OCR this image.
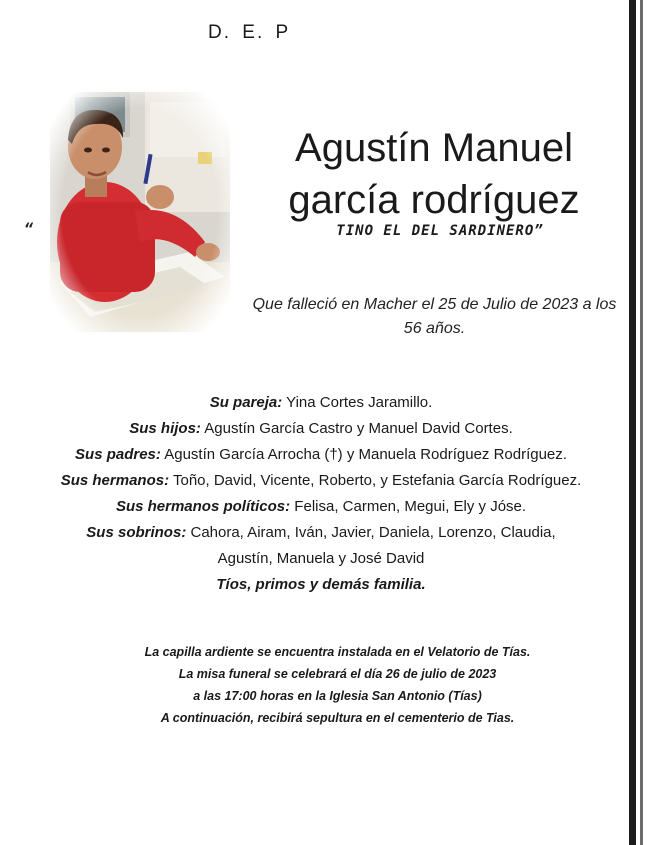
D. E. P
“
Agustín Manuel
garcía rodríguez
TINO EL DEL SARDINERO”
Que falleció en Macher el 25 de Julio de 2023 a los 56 años.
Su pareja: Yina Cortes Jaramillo.
Sus hijos: Agustín García Castro y Manuel David Cortes.
Sus padres: Agustín García Arrocha (†) y Manuela Rodríguez Rodríguez.
Sus hermanos: Toño, David, Vicente, Roberto, y Estefania García Rodríguez.
Sus hermanos políticos: Felisa, Carmen, Megui, Ely y Jóse.
Sus sobrinos: Cahora, Airam, Iván, Javier, Daniela, Lorenzo, Claudia,
Agustín, Manuela y José David
Tíos, primos y demás familia.
La capilla ardiente se encuentra instalada en el Velatorio de Tías.
La misa funeral se celebrará el día 26 de julio de 2023
a las 17:00 horas en la Iglesia San Antonio (Tías)
A continuación, recibirá sepultura en el cementerio de Tias.
